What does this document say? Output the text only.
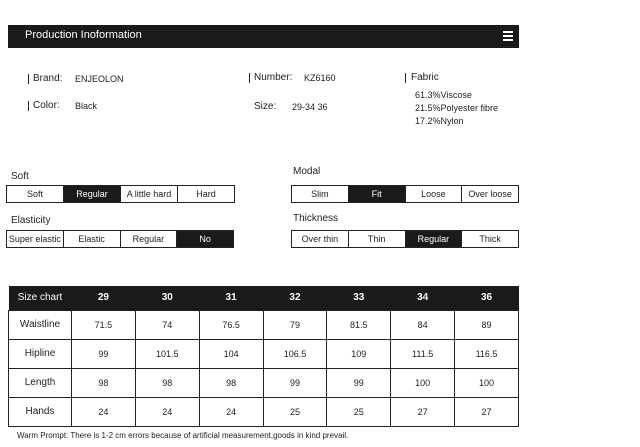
Production Inoformation
Brand: ENJEOLON
Color: Black
Number: KZ6160
Size: 29-34 36
Fabric
61.3%Viscose
21.5%Polyester fibre
17.2%Nylon
Soft
Soft	Regular	A little hard	Hard
Modal
Slim	Fit	Loose	Over loose
Elasticity
Super elastic	Elastic	Regular	No
Thickness
Over thin	Thin	Regular	Thick
Size chart	29	30	31	32	33	34	36
Waistline	71.5	74	76.5	79	81.5	84	89
Hipline	99	101.5	104	106.5	109	111.5	116.5
Length	98	98	98	99	99	100	100
Hands	24	24	24	25	25	27	27
Warm Prompt: There is 1-2 cm errors because of artificial measurement,goods in kind prevail.
